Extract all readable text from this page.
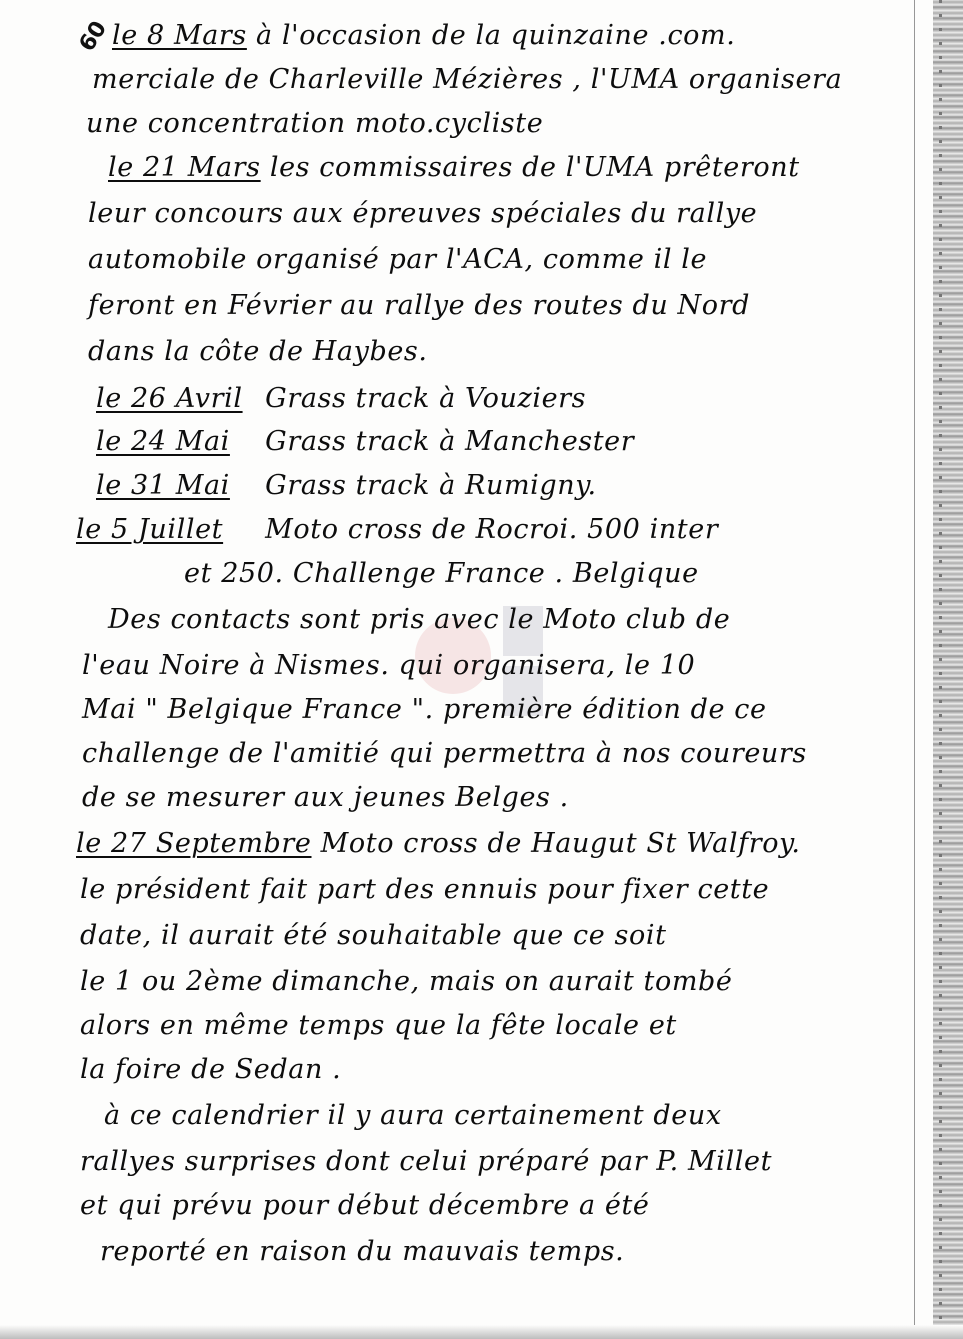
60 le 8 Mars à l'occasion de la quinzaine .com.
merciale de Charleville Mézières , l'UMA organisera
une concentration moto.cycliste
le 21 Mars les commissaires de l'UMA prêteront
leur concours aux épreuves spéciales du rallye
automobile organisé par l'ACA, comme il le
feront en Février au rallye des routes du Nord
dans la côte de Haybes.
le 26 Avril Grass track à Vouziers
le 24 Mai Grass track à Manchester
le 31 Mai Grass track à Rumigny.
le 5 Juillet Moto cross de Rocroi. 500 inter
et 250. Challenge France . Belgique
Des contacts sont pris avec le Moto club de
l'eau Noire à Nismes. qui organisera, le 10
Mai " Belgique France ". première édition de ce
challenge de l'amitié qui permettra à nos coureurs
de se mesurer aux jeunes Belges .
le 27 Septembre Moto cross de Haugut St Walfroy.
le président fait part des ennuis pour fixer cette
date, il aurait été souhaitable que ce soit
le 1 ou 2ème dimanche, mais on aurait tombé
alors en même temps que la fête locale et
la foire de Sedan .
à ce calendrier il y aura certainement deux
rallyes surprises dont celui préparé par P. Millet
et qui prévu pour début décembre a été
reporté en raison du mauvais temps.
